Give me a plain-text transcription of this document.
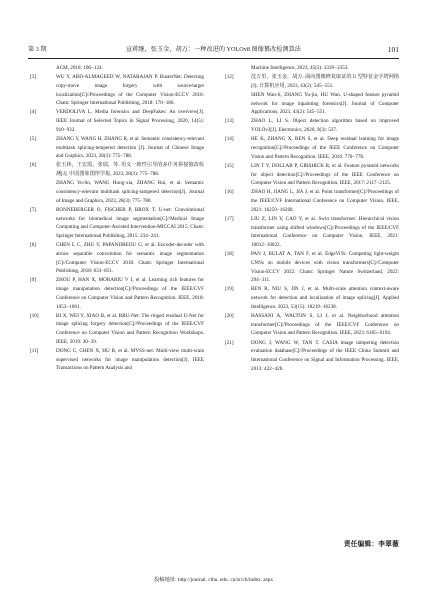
第 3 期	宣蒋继，张玉金，胡万：一种改进的 YOLOv8 图像篡改检测算法	101
ACM, 2018: 106−124.
[3]	WU Y, ABD-ALMAGEED W, NATARAJAN P. BusterNet: Detecting copy-move image forgery with source/target localization[C]//Proceedings of the Computer Vision-ECCV 2018. Cham: Springer International Publishing, 2018: 170−186.
[4]	VERDOLIVA L. Media forensics and DeepFakes: An overview[J]. IEEE Journal of Selected Topics in Signal Processing, 2020, 14(5): 910−932.
[5]	ZHANG Y, WANG H, ZHANG R, et al. Semantic consistency-relevant multitask splicing-tempered detection [J]. Journal of Chinese Image and Graphics, 2023, 28(3): 775−788.
[6]	张玉林，王宏霞，张瑞，等. 语义一致性引导的多任务拼接篡改检测[J]. 中国图象图形学报, 2023, 28(3): 775−788.
ZHANG Yu-lin, WANG Hong-xia, ZHANG Rui, et al. Semantic consistency-relevant multitask splicing-tampered detection[J]. Journal of Image and Graphics, 2023, 28(3): 775−788.
[7]	RONNEBERGER O, FISCHER P, BROX T. U-net: Convolutional networks for biomedical image segmentation[C]//Medical Image Computing and Computer-Assisted Intervention-MICCAI 2015. Cham: Springer International Publishing, 2015: 234−241.
[8]	CHEN L C, ZHU Y, PAPANDREOU G, et al. Encoder-decoder with atrous separable convolution for semantic image segmentation [C]//Computer Vision-ECCV 2018. Cham: Springer International Publishing, 2018: 833−851.
[9]	ZHOU P, HAN X, MORARIU V I, et al. Learning rich features for image manipulation detection[C]//Proceedings of the IEEE/CVF Conference on Computer Vision and Pattern Recognition. IEEE, 2018: 1053−1061.
[10]	BI X, WEI Y, XIAO B, et al. RRU-Net: The ringed residual U-Net for image splicing forgery detection[C]//Proceedings of the IEEE/CVF Conference on Computer Vision and Pattern Recognition Workshops. IEEE, 2019: 30−39.
[11]	DONG C, CHEN X, HU R, et al. MVSS-net: Multi-view multi-scale supervised networks for image manipulation detection[J]. IEEE Transactions on Pattern Analysis and
Machine Intelligence, 2023, 45(3): 3339−3353.
[12]	沈万里，张玉金，胡万. 面向图像修复取证的 U 型特征金字塔网络[J]. 计算机应用, 2023, 43(2): 545−551.
SHEN Wan-li, ZHANG Yu-jin, HU Wan. U-shaped feature pyramid network for image inpainting forensics[J]. Journal of Computer Applications, 2023, 43(2): 545−551.
[13]	ZHAO L, LI S. Object detection algorithm based on improved YOLOv3[J]. Electronics, 2020, 9(3): 537.
[14]	HE K, ZHANG X, REN S, et al. Deep residual learning for image recognition[C]//Proceedings of the IEEE Conference on Computer Vision and Pattern Recognition. IEEE, 2016: 770−778.
[15]	LIN T Y, DOLLAR P, GIRSHICK R, et al. Feature pyramid networks for object detection[C]//Proceedings of the IEEE Conference on Computer Vision and Pattern Recognition. IEEE, 2017: 2117−2125.
[16]	ZHAO H, JIANG L, JIA J, et al. Point transformer[C]//Proceedings of the IEEE/CVF International Conference on Computer Vision. IEEE, 2021: 16259−16268.
[17]	LIU Z, LIN Y, CAO Y, et al. Swin transformer: Hierarchical vision transformer using shifted windows[C]//Proceedings of the IEEE/CVF International Conference on Computer Vision. IEEE, 2021: 10012−10022.
[18]	PAN J, BULAT A, TAN F, et al. EdgeViTs: Competing light-weight CNNs on mobile devices with vision transformers[C]//Computer Vision-ECCV 2022. Cham: Springer Nature Switzerland, 2022: 294−311.
[19]	REN R, NIU S, JIN J, et al. Multi-scale attention context-aware network for detection and localization of image splicing[J]. Applied Intelligence, 2023, 53(15): 18219−18238.
[20]	HASSANI A, WALTON S, LI J, et al. Neighborhood attention transformer[C]//Proceedings of the IEEE/CVF Conference on Computer Vision and Pattern Recognition. IEEE, 2023: 6185−6194.
[21]	DONG J, WANG W, TAN T. CASIA image tampering detection evaluation database[C]//Proceedings of the IEEE China Summit and International Conference on Signal and Information Processing. IEEE, 2013: 422−426.
责任编辑：李翠薇
投稿地址: http://journal. ctbu. edu. cn/zr/ch/index. aspx
